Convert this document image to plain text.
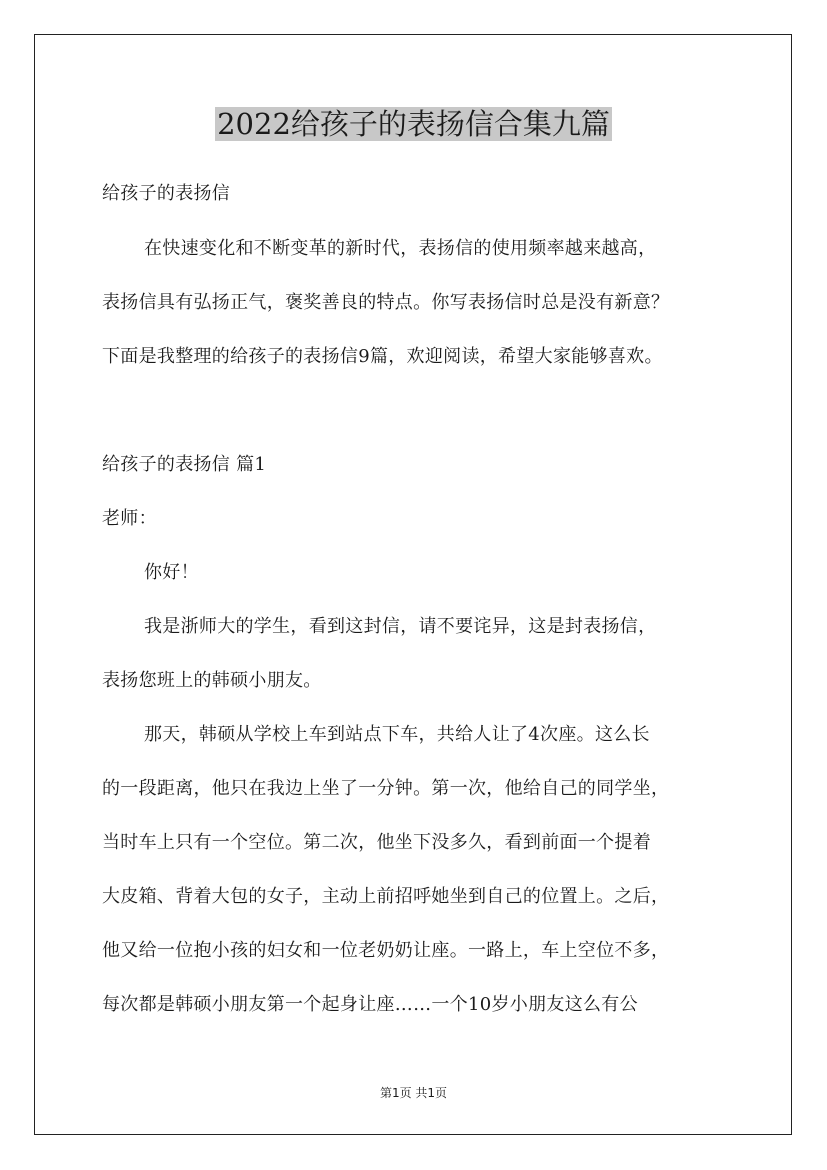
2022给孩子的表扬信合集九篇

给孩子的表扬信

在快速变化和不断变革的新时代，表扬信的使用频率越来越高，

表扬信具有弘扬正气，褒奖善良的特点。你写表扬信时总是没有新意？

下面是我整理的给孩子的表扬信9篇，欢迎阅读，希望大家能够喜欢。

给孩子的表扬信 篇1

老师：

你好！

我是浙师大的学生，看到这封信，请不要诧异，这是封表扬信，

表扬您班上的韩硕小朋友。

那天，韩硕从学校上车到站点下车，共给人让了4次座。这么长

的一段距离，他只在我边上坐了一分钟。第一次，他给自己的同学坐，

当时车上只有一个空位。第二次，他坐下没多久，看到前面一个提着

大皮箱、背着大包的女子，主动上前招呼她坐到自己的位置上。之后，

他又给一位抱小孩的妇女和一位老奶奶让座。一路上，车上空位不多，

每次都是韩硕小朋友第一个起身让座……一个10岁小朋友这么有公

第1页 共1页
